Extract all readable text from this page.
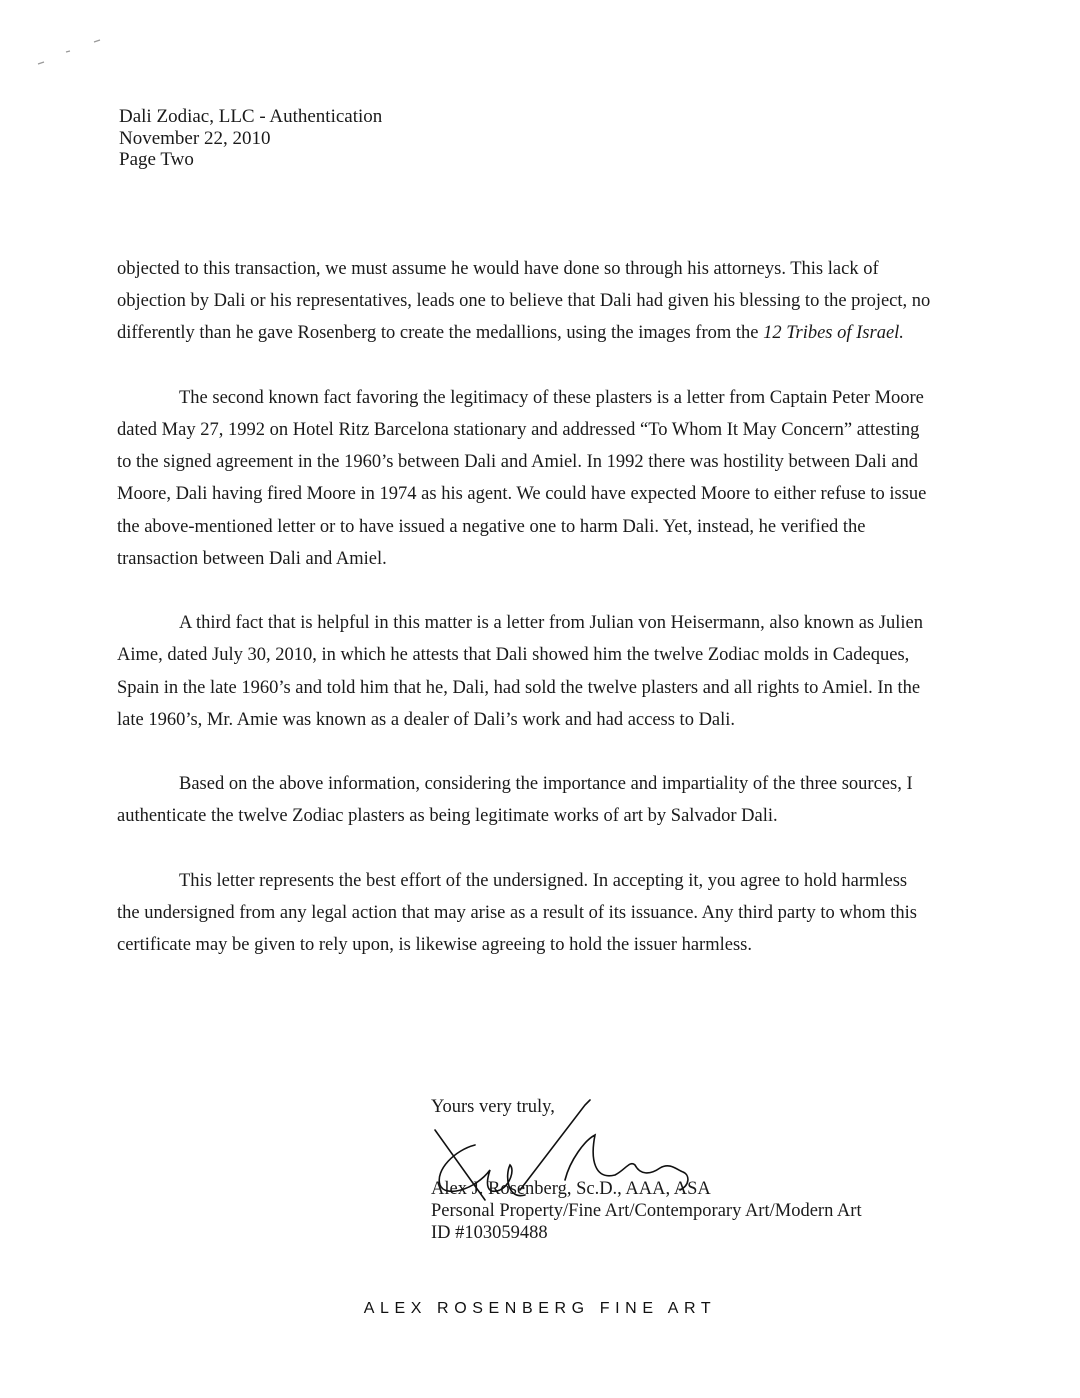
Dali Zodiac, LLC - Authentication
November 22, 2010
Page Two

objected to this transaction, we must assume he would have done so through his attorneys. This lack of objection by Dali or his representatives, leads one to believe that Dali had given his blessing to the project, no differently than he gave Rosenberg to create the medallions, using the images from the 12 Tribes of Israel.

The second known fact favoring the legitimacy of these plasters is a letter from Captain Peter Moore dated May 27, 1992 on Hotel Ritz Barcelona stationary and addressed “To Whom It May Concern” attesting to the signed agreement in the 1960’s between Dali and Amiel. In 1992 there was hostility between Dali and Moore, Dali having fired Moore in 1974 as his agent. We could have expected Moore to either refuse to issue the above-mentioned letter or to have issued a negative one to harm Dali. Yet, instead, he verified the transaction between Dali and Amiel.

A third fact that is helpful in this matter is a letter from Julian von Heisermann, also known as Julien Aime, dated July 30, 2010, in which he attests that Dali showed him the twelve Zodiac molds in Cadeques, Spain in the late 1960’s and told him that he, Dali, had sold the twelve plasters and all rights to Amiel. In the late 1960’s, Mr. Amie was known as a dealer of Dali’s work and had access to Dali.

Based on the above information, considering the importance and impartiality of the three sources, I authenticate the twelve Zodiac plasters as being legitimate works of art by Salvador Dali.

This letter represents the best effort of the undersigned. In accepting it, you agree to hold harmless the undersigned from any legal action that may arise as a result of its issuance. Any third party to whom this certificate may be given to rely upon, is likewise agreeing to hold the issuer harmless.

Yours very truly,
Alex J. Rosenberg, Sc.D., AAA, ASA
Personal Property/Fine Art/Contemporary Art/Modern Art
ID #103059488
ALEX ROSENBERG FINE ART
